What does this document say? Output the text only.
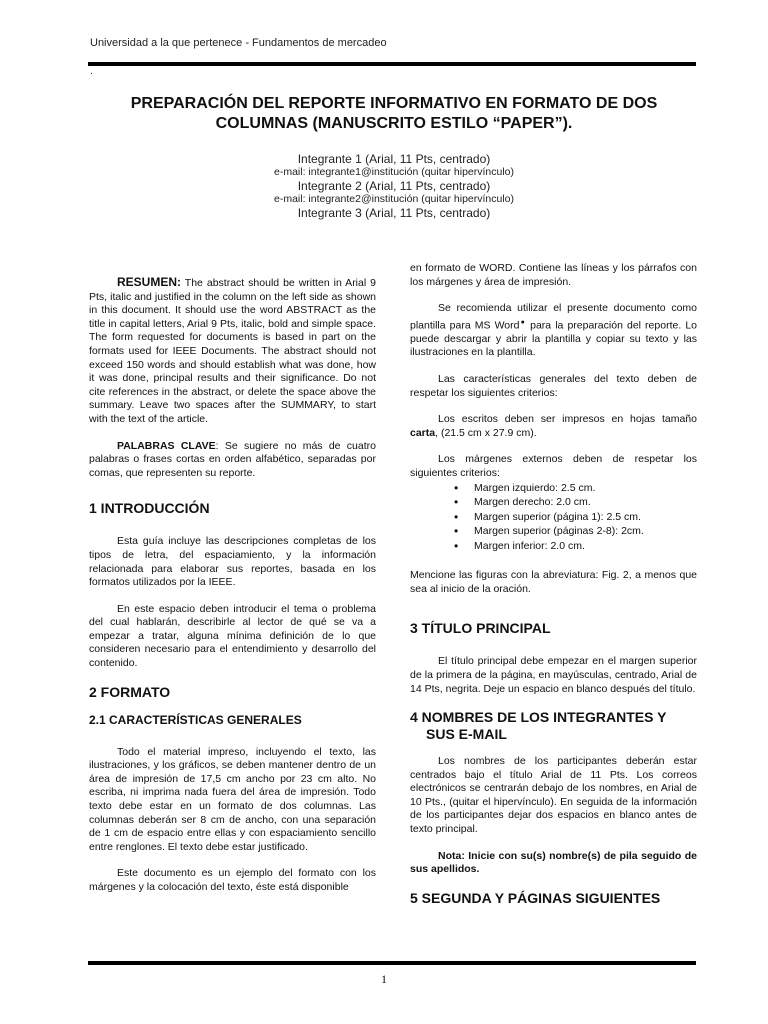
Universidad a la que pertenece - Fundamentos de mercadeo
.
PREPARACIÓN DEL REPORTE INFORMATIVO EN FORMATO DE DOS
COLUMNAS (MANUSCRITO ESTILO “PAPER”).
Integrante 1 (Arial, 11 Pts, centrado)
e-mail: integrante1@institución (quitar hipervínculo)
Integrante 2 (Arial, 11 Pts, centrado)
e-mail: integrante2@institución (quitar hipervínculo)
Integrante 3 (Arial, 11 Pts, centrado)

RESUMEN: The abstract should be written in Arial 9 Pts, italic and justified in the column on the left side as shown in this document. It should use the word ABSTRACT as the title in capital letters, Arial 9 Pts, italic, bold and simple space. The form requested for documents is based in part on the formats used for IEEE Documents. The abstract should not exceed 150 words and should establish what was done, how it was done, principal results and their significance. Do not cite references in the abstract, or delete the space above the summary. Leave two spaces after the SUMMARY, to start with the text of the article.

PALABRAS CLAVE: Se sugiere no más de cuatro palabras o frases cortas en orden alfabético, separadas por comas, que representen su reporte.

1 INTRODUCCIÓN

Esta guía incluye las descripciones completas de los tipos de letra, del espaciamiento, y la información relacionada para elaborar sus reportes, basada en los formatos utilizados por la IEEE.

En este espacio deben introducir el tema o problema del cual hablarán, describirle al lector de qué se va a empezar a tratar, alguna mínima definición de lo que consideren necesario para el entendimiento y desarrollo del contenido.

2 FORMATO
2.1 CARACTERÍSTICAS GENERALES

Todo el material impreso, incluyendo el texto, las ilustraciones, y los gráficos, se deben mantener dentro de un área de impresión de 17,5 cm ancho por 23 cm alto. No escriba, ni imprima nada fuera del área de impresión. Todo texto debe estar en un formato de dos columnas. Las columnas deberán ser 8 cm de ancho, con una separación de 1 cm de espacio entre ellas y con espaciamiento sencillo entre renglones. El texto debe estar justificado.

Este documento es un ejemplo del formato con los márgenes y la colocación del texto, éste está disponible

en formato de WORD. Contiene las líneas y los párrafos con los márgenes y área de impresión.

Se recomienda utilizar el presente documento como plantilla para MS Word● para la preparación del reporte. Lo puede descargar y abrir la plantilla y copiar su texto y las ilustraciones en la plantilla.

Las características generales del texto deben de respetar los siguientes criterios:

Los escritos deben ser impresos en hojas tamaño carta, (21.5 cm x 27.9 cm).

Los márgenes externos deben de respetar los siguientes criterios:

• Margen izquierdo: 2.5 cm.
• Margen derecho: 2.0 cm.
• Margen superior (página 1): 2.5 cm.
• Margen superior (páginas 2-8): 2cm.
• Margen inferior: 2.0 cm.

Mencione las figuras con la abreviatura: Fig. 2, a menos que sea al inicio de la oración.

3 TÍTULO PRINCIPAL

El título principal debe empezar en el margen superior de la primera de la página, en mayúsculas, centrado, Arial de 14 Pts, negrita. Deje un espacio en blanco después del título.

4 NOMBRES DE LOS INTEGRANTES Y SUS E-MAIL

Los nombres de los participantes deberán estar centrados bajo el título Arial de 11 Pts. Los correos electrónicos se centrarán debajo de los nombres, en Arial de 10 Pts., (quitar el hipervínculo). En seguida de la información de los participantes dejar dos espacios en blanco antes de texto principal.

Nota: Inicie con su(s) nombre(s) de pila seguido de sus apellidos.

5 SEGUNDA Y PÁGINAS SIGUIENTES
1
